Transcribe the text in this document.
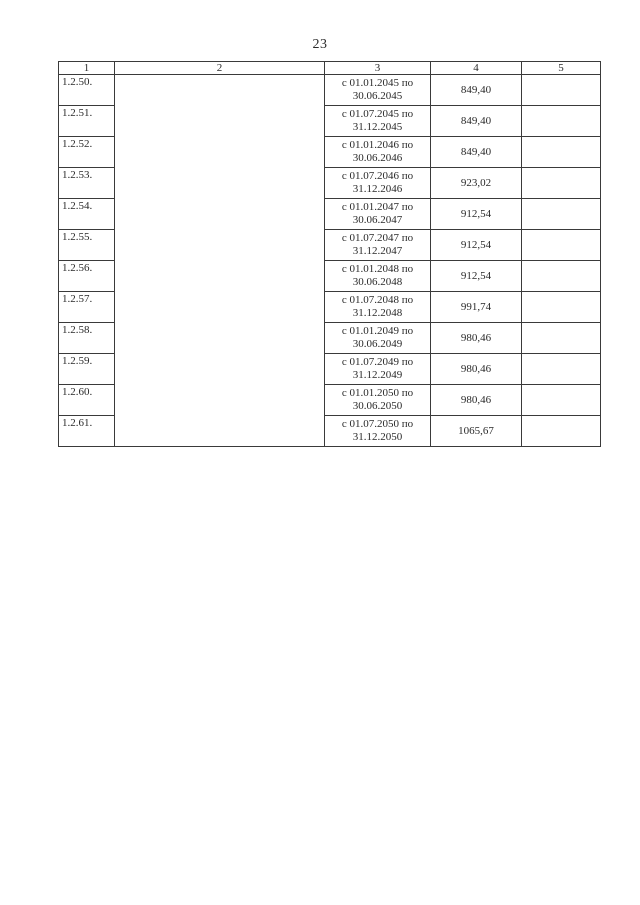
23
1	2	3	4	5
1.2.50.		с 01.01.2045 по 30.06.2045	849,40	
1.2.51.		с 01.07.2045 по 31.12.2045	849,40	
1.2.52.		с 01.01.2046 по 30.06.2046	849,40	
1.2.53.		с 01.07.2046 по 31.12.2046	923,02	
1.2.54.		с 01.01.2047 по 30.06.2047	912,54	
1.2.55.		с 01.07.2047 по 31.12.2047	912,54	
1.2.56.		с 01.01.2048 по 30.06.2048	912,54	
1.2.57.		с 01.07.2048 по 31.12.2048	991,74	
1.2.58.		с 01.01.2049 по 30.06.2049	980,46	
1.2.59.		с 01.07.2049 по 31.12.2049	980,46	
1.2.60.		с 01.01.2050 по 30.06.2050	980,46	
1.2.61.		с 01.07.2050 по 31.12.2050	1065,67	
